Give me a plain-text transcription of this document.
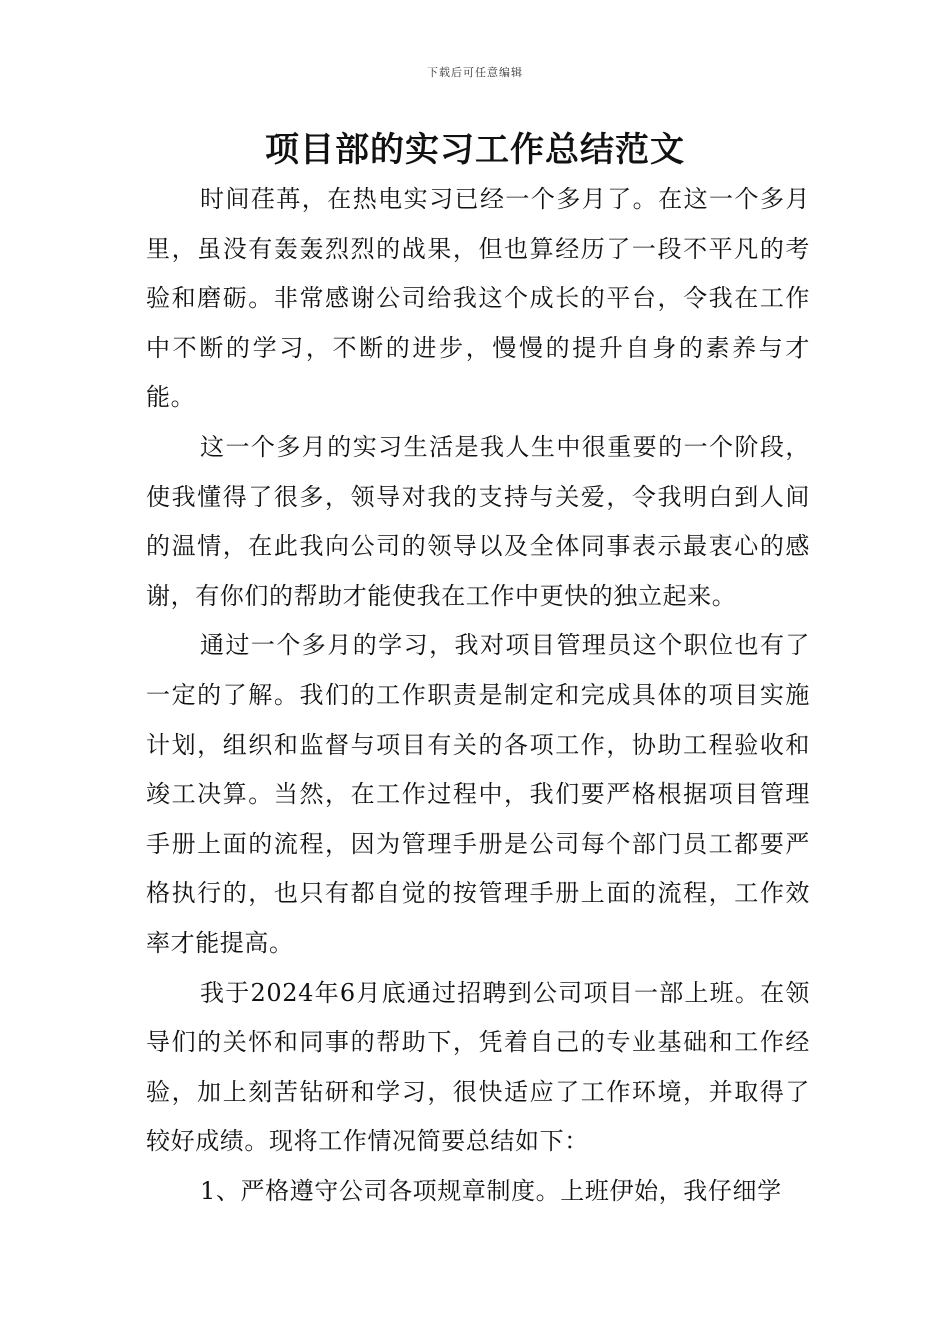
下载后可任意编辑
项目部的实习工作总结范文

时间荏苒，在热电实习已经一个多月了。在这一个多月里，虽没有轰轰烈烈的战果，但也算经历了一段不平凡的考验和磨砺。非常感谢公司给我这个成长的平台，令我在工作中不断的学习，不断的进步，慢慢的提升自身的素养与才能。

这一个多月的实习生活是我人生中很重要的一个阶段，使我懂得了很多，领导对我的支持与关爱，令我明白到人间的温情，在此我向公司的领导以及全体同事表示最衷心的感谢，有你们的帮助才能使我在工作中更快的独立起来。

通过一个多月的学习，我对项目管理员这个职位也有了一定的了解。我们的工作职责是制定和完成具体的项目实施计划，组织和监督与项目有关的各项工作，协助工程验收和竣工决算。当然，在工作过程中，我们要严格根据项目管理手册上面的流程，因为管理手册是公司每个部门员工都要严格执行的，也只有都自觉的按管理手册上面的流程，工作效率才能提高。

我于2024年6月底通过招聘到公司项目一部上班。在领导们的关怀和同事的帮助下，凭着自己的专业基础和工作经验，加上刻苦钻研和学习，很快适应了工作环境，并取得了较好成绩。现将工作情况简要总结如下：

1、严格遵守公司各项规章制度。上班伊始，我仔细学
